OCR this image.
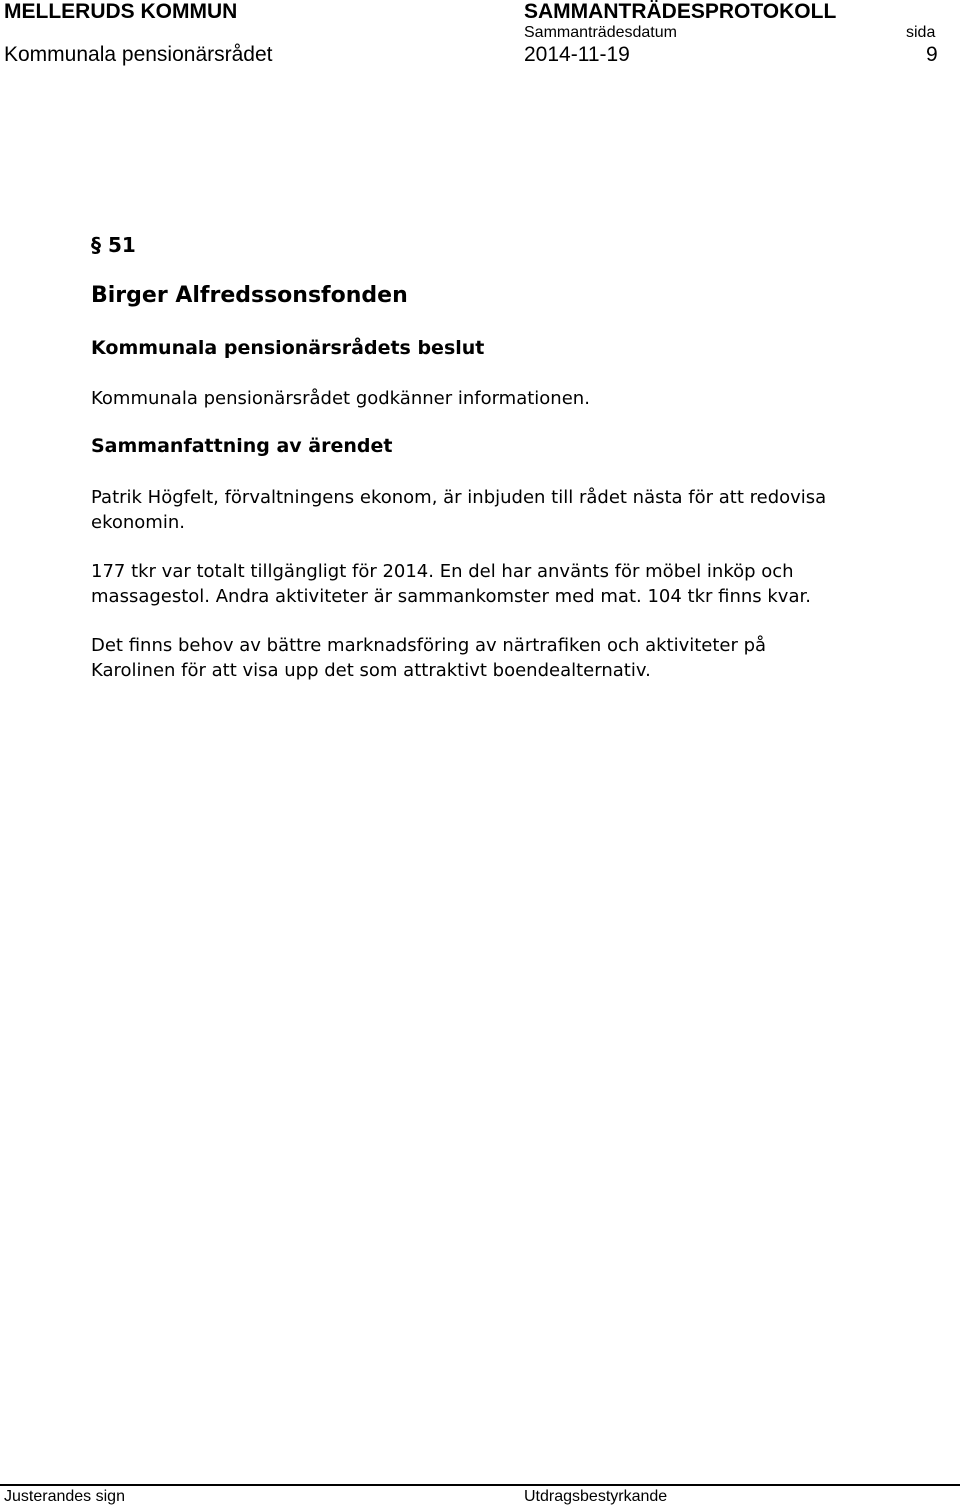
MELLERUDS KOMMUN	SAMMANTRÄDESPROTOKOLL
Sammanträdesdatum	sida
Kommunala pensionärsrådet	2014-11-19	9
§ 51
Birger Alfredssonsfonden
Kommunala pensionärsrådets beslut
Kommunala pensionärsrådet godkänner informationen.
Sammanfattning av ärendet
Patrik Högfelt, förvaltningens ekonom, är inbjuden till rådet nästa för att redovisa
ekonomin.
177 tkr var totalt tillgängligt för 2014. En del har använts för möbel inköp och
massagestol. Andra aktiviteter är sammankomster med mat. 104 tkr finns kvar.
Det finns behov av bättre marknadsföring av närtrafiken och aktiviteter på
Karolinen för att visa upp det som attraktivt boendealternativ.
Justerandes sign	Utdragsbestyrkande
